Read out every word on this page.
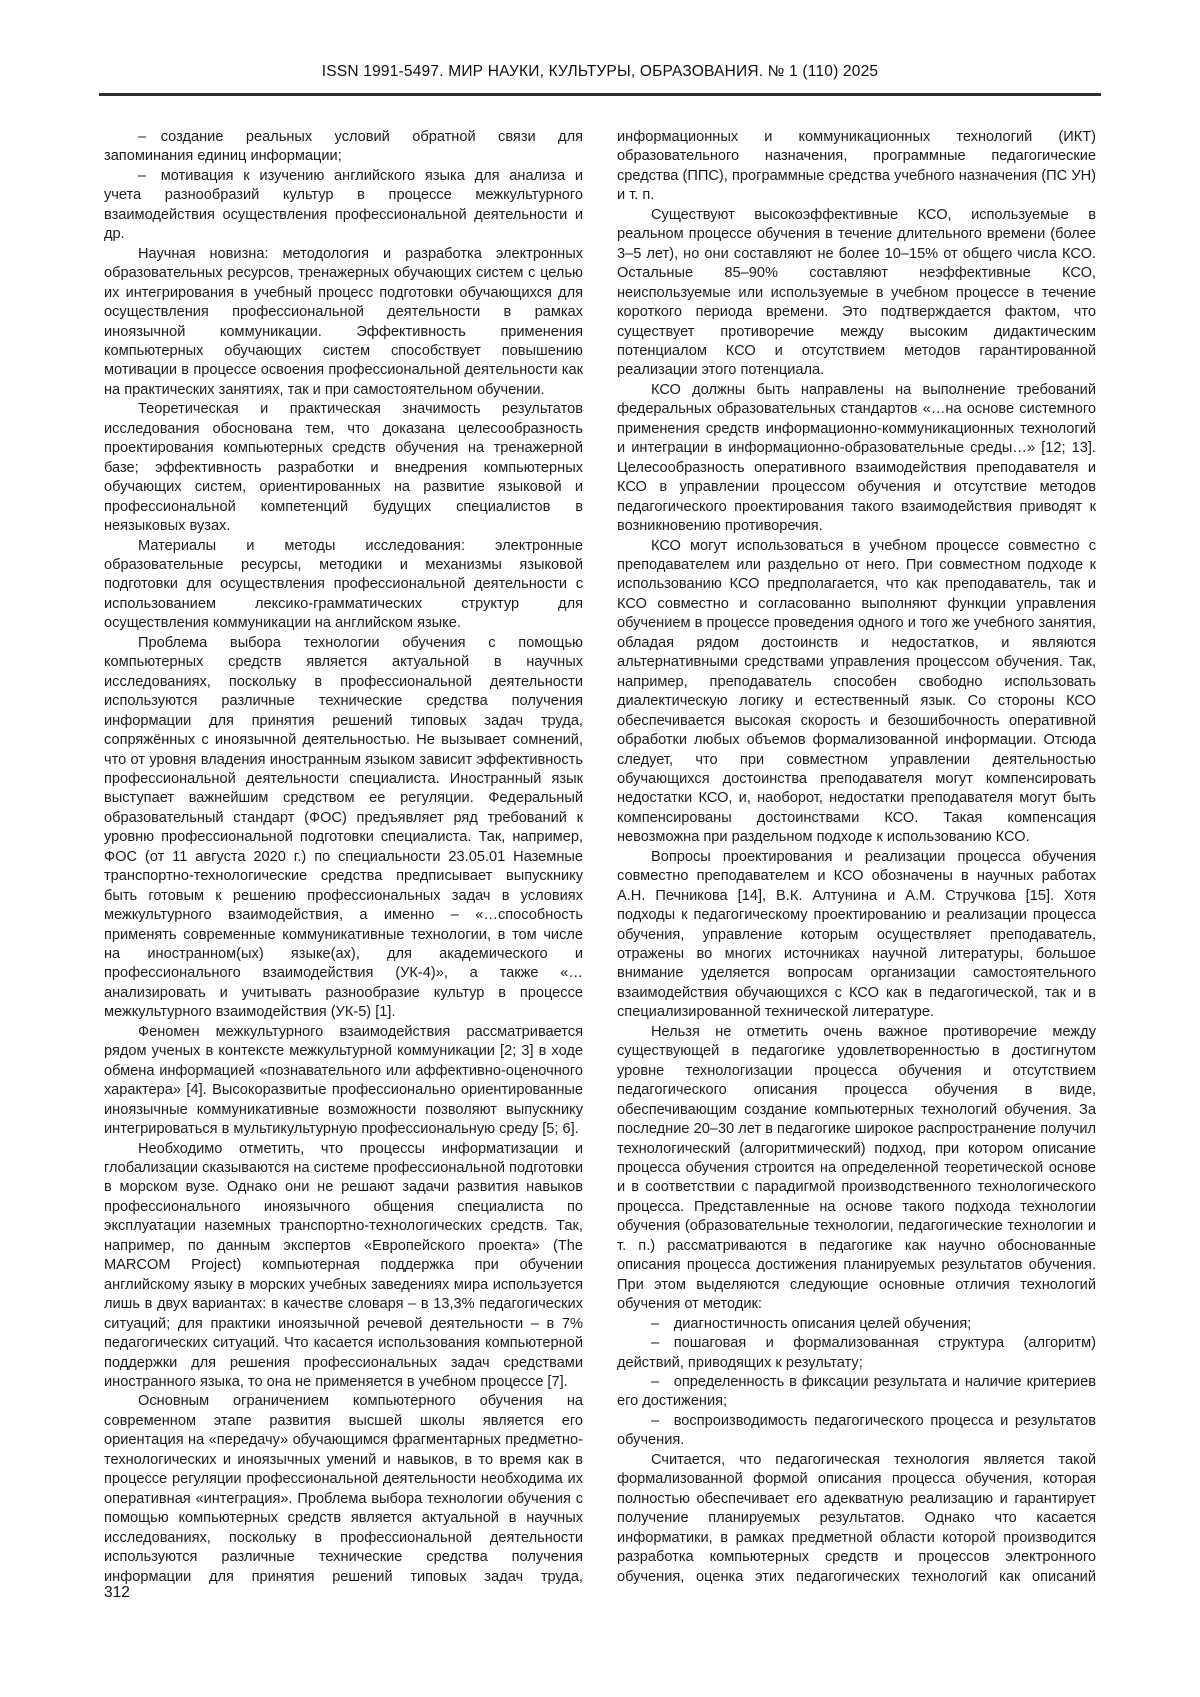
ISSN 1991-5497. МИР НАУКИ, КУЛЬТУРЫ, ОБРАЗОВАНИЯ. № 1 (110) 2025

– создание реальных условий обратной связи для запоминания единиц информации;

– мотивация к изучению английского языка для анализа и учета разнообразий культур в процессе межкультурного взаимодействия осуществления профессиональной деятельности и др.

Научная новизна: методология и разработка электронных образовательных ресурсов, тренажерных обучающих систем с целью их интегрирования в учебный процесс подготовки обучающихся для осуществления профессиональной деятельности в рамках иноязычной коммуникации. Эффективность применения компьютерных обучающих систем способствует повышению мотивации в процессе освоения профессиональной деятельности как на практических занятиях, так и при самостоятельном обучении.

Теоретическая и практическая значимость результатов исследования обоснована тем, что доказана целесообразность проектирования компьютерных средств обучения на тренажерной базе; эффективность разработки и внедрения компьютерных обучающих систем, ориентированных на развитие языковой и профессиональной компетенций будущих специалистов в неязыковых вузах.

Материалы и методы исследования: электронные образовательные ресурсы, методики и механизмы языковой подготовки для осуществления профессиональной деятельности с использованием лексико-грамматических структур для осуществления коммуникации на английском языке.

Проблема выбора технологии обучения с помощью компьютерных средств является актуальной в научных исследованиях, поскольку в профессиональной деятельности используются различные технические средства получения информации для принятия решений типовых задач труда, сопряжённых с иноязычной деятельностью. Не вызывает сомнений, что от уровня владения иностранным языком зависит эффективность профессиональной деятельности специалиста. Иностранный язык выступает важнейшим средством ее регуляции. Федеральный образовательный стандарт (ФОС) предъявляет ряд требований к уровню профессиональной подготовки специалиста. Так, например, ФОС (от 11 августа 2020 г.) по специальности 23.05.01 Наземные транспортно-технологические средства предписывает выпускнику быть готовым к решению профессиональных задач в условиях межкультурного взаимодействия, а именно – «…способность применять современные коммуникативные технологии, в том числе на иностранном(ых) языке(ах), для академического и профессионального взаимодействия (УК-4)», а также «…анализировать и учитывать разнообразие культур в процессе межкультурного взаимодействия (УК-5) [1].

Феномен межкультурного взаимодействия рассматривается рядом ученых в контексте межкультурной коммуникации [2; 3] в ходе обмена информацией «познавательного или аффективно-оценочного характера» [4]. Высокоразвитые профессионально ориентированные иноязычные коммуникативные возможности позволяют выпускнику интегрироваться в мультикультурную профессиональную среду [5; 6].

Необходимо отметить, что процессы информатизации и глобализации сказываются на системе профессиональной подготовки в морском вузе. Однако они не решают задачи развития навыков профессионального иноязычного общения специалиста по эксплуатации наземных транспортно-технологических средств. Так, например, по данным экспертов «Европейского проекта» (The MARCOM Project) компьютерная поддержка при обучении английскому языку в морских учебных заведениях мира используется лишь в двух вариантах: в качестве словаря – в 13,3% педагогических ситуаций; для практики иноязычной речевой деятельности – в 7% педагогических ситуаций. Что касается использования компьютерной поддержки для решения профессиональных задач средствами иностранного языка, то она не применяется в учебном процессе [7].

Основным ограничением компьютерного обучения на современном этапе развития высшей школы является его ориентация на «передачу» обучающимся фрагментарных предметно-технологических и иноязычных умений и навыков, в то время как в процессе регуляции профессиональной деятельности необходима их оперативная «интеграция». Проблема выбора технологии обучения с помощью компьютерных средств является актуальной в научных исследованиях, поскольку в профессиональной деятельности используются различные технические средства получения информации для принятия решений типовых задач труда,

информационных и коммуникационных технологий (ИКТ) образовательного назначения, программные педагогические средства (ППС), программные средства учебного назначения (ПС УН) и т. п.

Существуют высокоэффективные КСО, используемые в реальном процессе обучения в течение длительного времени (более 3–5 лет), но они составляют не более 10–15% от общего числа КСО. Остальные 85–90% составляют неэффективные КСО, неиспользуемые или используемые в учебном процессе в течение короткого периода времени. Это подтверждается фактом, что существует противоречие между высоким дидактическим потенциалом КСО и отсутствием методов гарантированной реализации этого потенциала.

КСО должны быть направлены на выполнение требований федеральных образовательных стандартов «…на основе системного применения средств информационно-коммуникационных технологий и интеграции в информационно-образовательные среды…» [12; 13]. Целесообразность оперативного взаимодействия преподавателя и КСО в управлении процессом обучения и отсутствие методов педагогического проектирования такого взаимодействия приводят к возникновению противоречия.

КСО могут использоваться в учебном процессе совместно с преподавателем или раздельно от него. При совместном подходе к использованию КСО предполагается, что как преподаватель, так и КСО совместно и согласованно выполняют функции управления обучением в процессе проведения одного и того же учебного занятия, обладая рядом достоинств и недостатков, и являются альтернативными средствами управления процессом обучения. Так, например, преподаватель способен свободно использовать диалектическую логику и естественный язык. Со стороны КСО обеспечивается высокая скорость и безошибочность оперативной обработки любых объемов формализованной информации. Отсюда следует, что при совместном управлении деятельностью обучающихся достоинства преподавателя могут компенсировать недостатки КСО, и, наоборот, недостатки преподавателя могут быть компенсированы достоинствами КСО. Такая компенсация невозможна при раздельном подходе к использованию КСО.

Вопросы проектирования и реализации процесса обучения совместно преподавателем и КСО обозначены в научных работах А.Н. Печникова [14], В.К. Алтунина и А.М. Стручкова [15]. Хотя подходы к педагогическому проектированию и реализации процесса обучения, управление которым осуществляет преподаватель, отражены во многих источниках научной литературы, большое внимание уделяется вопросам организации самостоятельного взаимодействия обучающихся с КСО как в педагогической, так и в специализированной технической литературе.

Нельзя не отметить очень важное противоречие между существующей в педагогике удовлетворенностью в достигнутом уровне технологизации процесса обучения и отсутствием педагогического описания процесса обучения в виде, обеспечивающим создание компьютерных технологий обучения. За последние 20–30 лет в педагогике широкое распространение получил технологический (алгоритмический) подход, при котором описание процесса обучения строится на определенной теоретической основе и в соответствии с парадигмой производственного технологического процесса. Представленные на основе такого подхода технологии обучения (образовательные технологии, педагогические технологии и т. п.) рассматриваются в педагогике как научно обоснованные описания процесса достижения планируемых результатов обучения. При этом выделяются следующие основные отличия технологий обучения от методик:

– диагностичность описания целей обучения;

– пошаговая и формализованная структура (алгоритм) действий, приводящих к результату;

– определенность в фиксации результата и наличие критериев его достижения;

– воспроизводимость педагогического процесса и результатов обучения.

Считается, что педагогическая технология является такой формализованной формой описания процесса обучения, которая полностью обеспечивает его адекватную реализацию и гарантирует получение планируемых результатов. Однако что касается информатики, в рамках предметной области которой производится разработка компьютерных средств и процессов электронного обучения, оценка этих педагогических технологий как описаний

312
